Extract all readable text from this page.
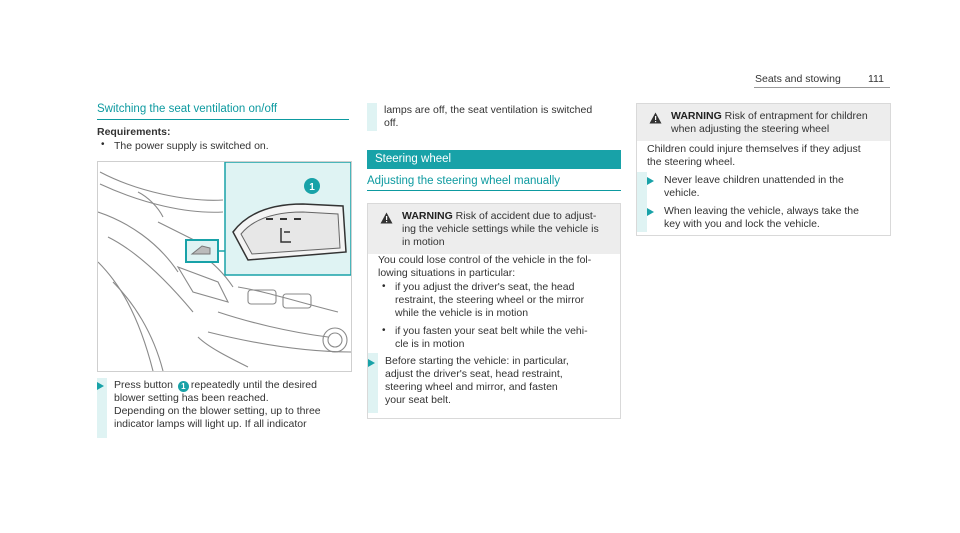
Seats and stowing	111
Switching the seat ventilation on/off
Requirements:
• The power supply is switched on.
1
Press button 1 repeatedly until the desired
blower setting has been reached.
Depending on the blower setting, up to three
indicator lamps will light up. If all indicator
lamps are off, the seat ventilation is switched
off.
Steering wheel
Adjusting the steering wheel manually
WARNING Risk of accident due to adjust-
ing the vehicle settings while the vehicle is
in motion
You could lose control of the vehicle in the fol-
lowing situations in particular:
• if you adjust the driver's seat, the head
restraint, the steering wheel or the mirror
while the vehicle is in motion
• if you fasten your seat belt while the vehi-
cle is in motion
Before starting the vehicle: in particular,
adjust the driver's seat, head restraint,
steering wheel and mirror, and fasten
your seat belt.
WARNING Risk of entrapment for children
when adjusting the steering wheel
Children could injure themselves if they adjust
the steering wheel.
Never leave children unattended in the
vehicle.
When leaving the vehicle, always take the
key with you and lock the vehicle.
